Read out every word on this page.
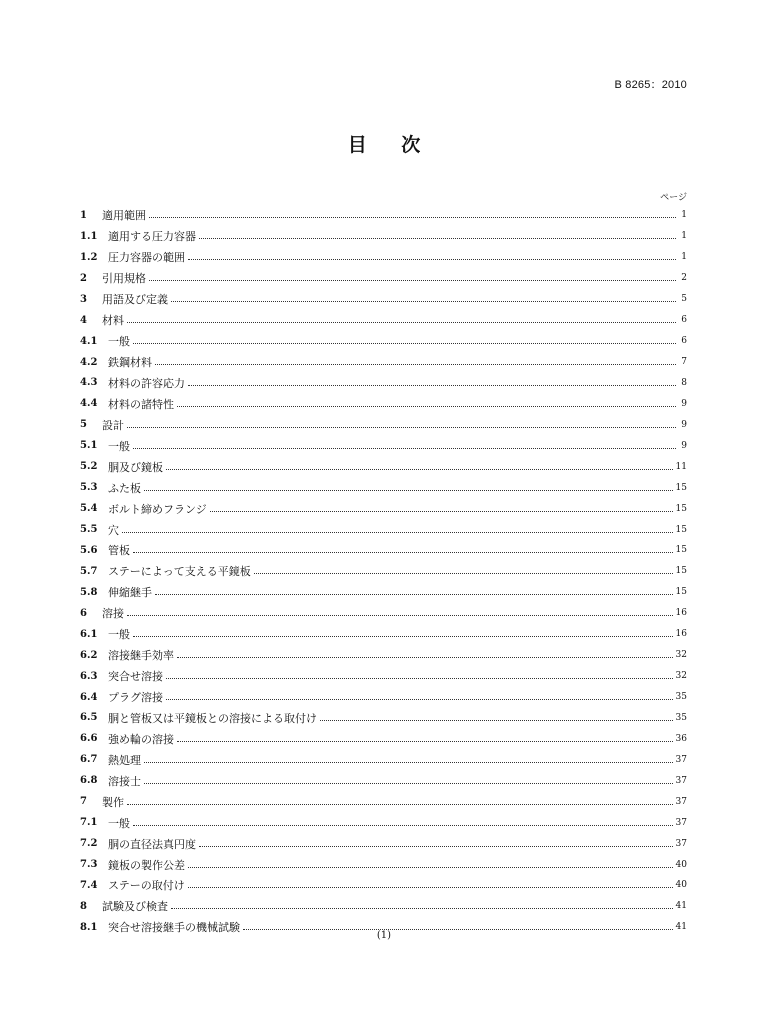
B 8265：2010
目 次
ページ
1	適用範囲	1
1.1 適用する圧力容器	1
1.2 圧力容器の範囲	1
2	引用規格	2
3	用語及び定義	5
4	材料	6
4.1 一般	6
4.2 鉄鋼材料	7
4.3 材料の許容応力	8
4.4 材料の諸特性	9
5	設計	9
5.1 一般	9
5.2 胴及び鏡板	11
5.3 ふた板	15
5.4 ボルト締めフランジ	15
5.5 穴	15
5.6 管板	15
5.7 ステーによって支える平鏡板	15
5.8 伸縮継手	15
6	溶接	16
6.1 一般	16
6.2 溶接継手効率	32
6.3 突合せ溶接	32
6.4 プラグ溶接	35
6.5 胴と管板又は平鏡板との溶接による取付け	35
6.6 強め輪の溶接	36
6.7 熱処理	37
6.8 溶接士	37
7	製作	37
7.1 一般	37
7.2 胴の直径法真円度	37
7.3 鏡板の製作公差	40
7.4 ステーの取付け	40
8	試験及び検査	41
8.1 突合せ溶接継手の機械試験	41
(1)
